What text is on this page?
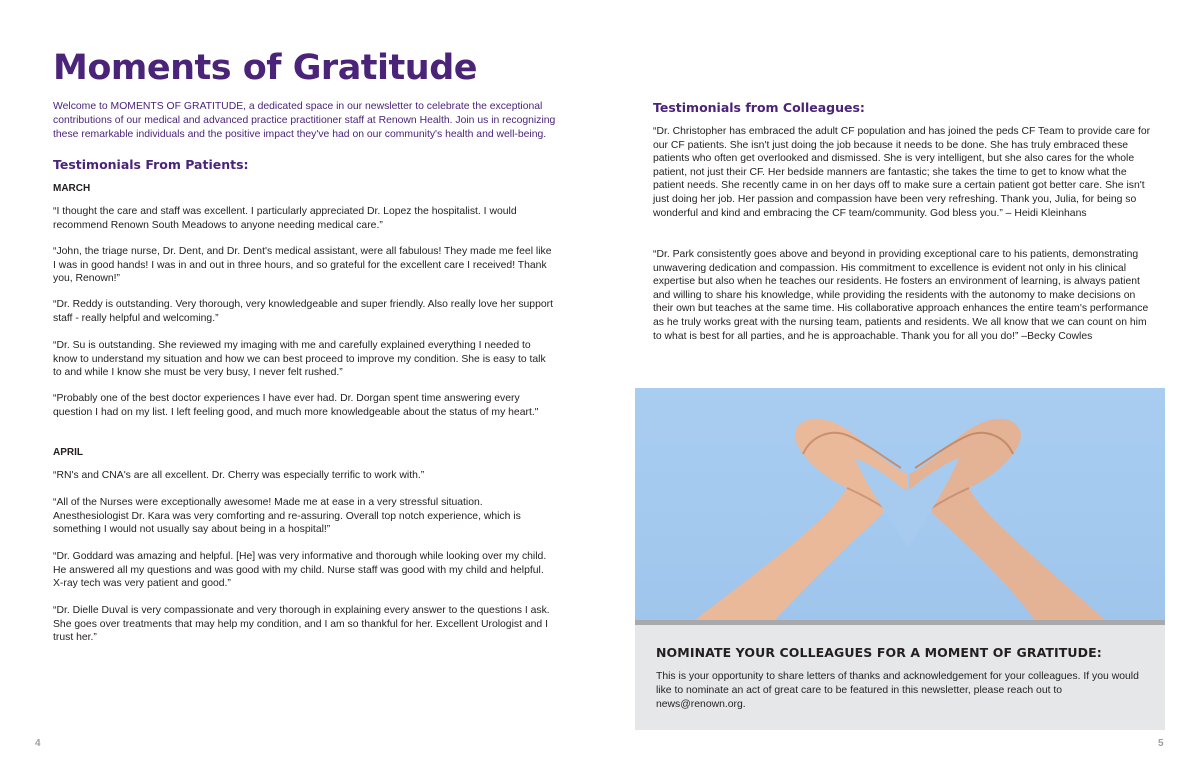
Moments of Gratitude

Welcome to MOMENTS OF GRATITUDE, a dedicated space in our newsletter to celebrate the exceptional contributions of our medical and advanced practice practitioner staff at Renown Health. Join us in recognizing these remarkable individuals and the positive impact they've had on our community's health and well-being.

Testimonials From Patients:
MARCH

“I thought the care and staff was excellent. I particularly appreciated Dr. Lopez the hospitalist. I would recommend Renown South Meadows to anyone needing medical care.”

“John, the triage nurse, Dr. Dent, and Dr. Dent's medical assistant, were all fabulous! They made me feel like I was in good hands! I was in and out in three hours, and so grateful for the excellent care I received! Thank you, Renown!”

“Dr. Reddy is outstanding. Very thorough, very knowledgeable and super friendly. Also really love her support staff - really helpful and welcoming.”

“Dr. Su is outstanding. She reviewed my imaging with me and carefully explained everything I needed to know to understand my situation and how we can best proceed to improve my condition. She is easy to talk to and while I know she must be very busy, I never felt rushed.”

“Probably one of the best doctor experiences I have ever had. Dr. Dorgan spent time answering every question I had on my list. I left feeling good, and much more knowledgeable about the status of my heart."

APRIL

“RN's and CNA's are all excellent. Dr. Cherry was especially terrific to work with.”

“All of the Nurses were exceptionally awesome! Made me at ease in a very stressful situation. Anesthesiologist Dr. Kara was very comforting and re-assuring. Overall top notch experience, which is something I would not usually say about being in a hospital!”

“Dr. Goddard was amazing and helpful. [He] was very informative and thorough while looking over my child. He answered all my questions and was good with my child. Nurse staff was good with my child and helpful. X-ray tech was very patient and good.”

“Dr. Dielle Duval is very compassionate and very thorough in explaining every answer to the questions I ask. She goes over treatments that may help my condition, and I am so thankful for her. Excellent Urologist and I trust her.”

4
Testimonials from Colleagues:

“Dr. Christopher has embraced the adult CF population and has joined the peds CF Team to provide care for our CF patients. She isn't just doing the job because it needs to be done. She has truly embraced these patients who often get overlooked and dismissed. She is very intelligent, but she also cares for the whole patient, not just their CF. Her bedside manners are fantastic; she takes the time to get to know what the patient needs. She recently came in on her days off to make sure a certain patient got better care. She isn't just doing her job. Her passion and compassion have been very refreshing. Thank you, Julia, for being so wonderful and kind and embracing the CF team/community. God bless you.” – Heidi Kleinhans

“Dr. Park consistently goes above and beyond in providing exceptional care to his patients, demonstrating unwavering dedication and compassion. His commitment to excellence is evident not only in his clinical expertise but also when he teaches our residents. He fosters an environment of learning, is always patient and willing to share his knowledge, while providing the residents with the autonomy to make decisions on their own but teaches at the same time. His collaborative approach enhances the entire team's performance as he truly works great with the nursing team, patients and residents. We all know that we can count on him to what is best for all parties, and he is approachable. Thank you for all you do!” –Becky Cowles

NOMINATE YOUR COLLEAGUES FOR A MOMENT OF GRATITUDE:

This is your opportunity to share letters of thanks and acknowledgement for your colleagues. If you would like to nominate an act of great care to be featured in this newsletter, please reach out to news@renown.org.

5
